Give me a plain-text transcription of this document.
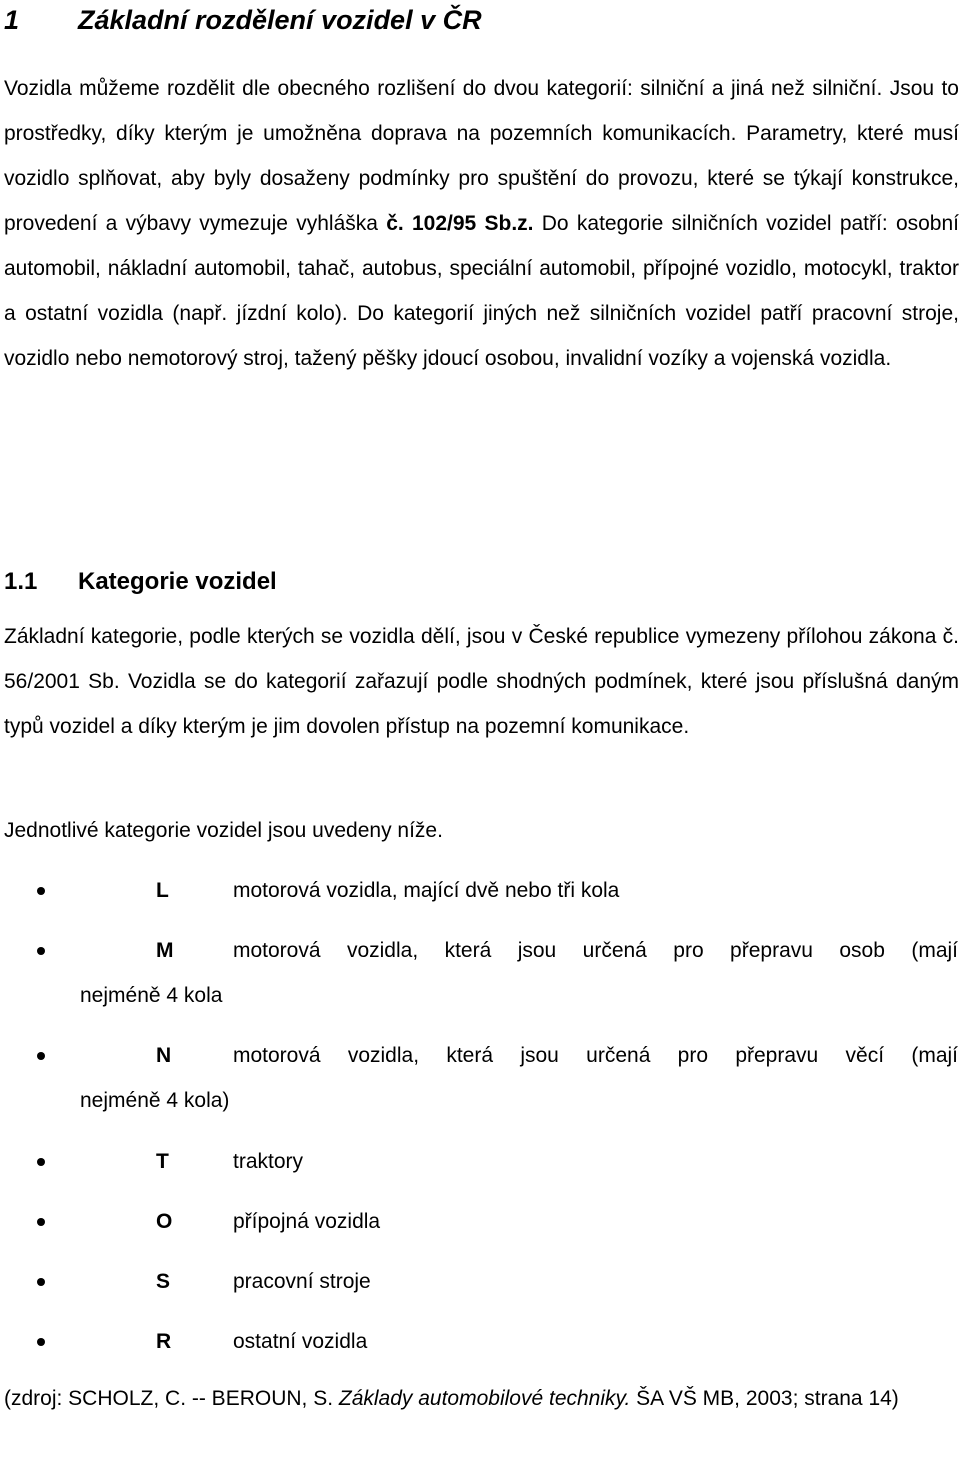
1 Základní rozdělení vozidel v ČR
Vozidla můžeme rozdělit dle obecného rozlišení do dvou kategorií: silniční a jiná než silniční. Jsou to prostředky, díky kterým je umožněna doprava na pozemních komunikacích. Parametry, které musí vozidlo splňovat, aby byly dosaženy podmínky pro spuštění do provozu, které se týkají konstrukce, provedení a výbavy vymezuje vyhláška č. 102/95 Sb.z. Do kategorie silničních vozidel patří: osobní automobil, nákladní automobil, tahač, autobus, speciální automobil, přípojné vozidlo, motocykl, traktor a ostatní vozidla (např. jízdní kolo). Do kategorií jiných než silničních vozidel patří pracovní stroje, vozidlo nebo nemotorový stroj, tažený pěšky jdoucí osobou, invalidní vozíky a vojenská vozidla.
1.1 Kategorie vozidel
Základní kategorie, podle kterých se vozidla dělí, jsou v České republice vymezeny přílohou zákona č. 56/2001 Sb. Vozidla se do kategorií zařazují podle shodných podmínek, které jsou příslušná daným typů vozidel a díky kterým je jim dovolen přístup na pozemní komunikace.
Jednotlivé kategorie vozidel jsou uvedeny níže.
L	motorová vozidla, mající dvě nebo tři kola
M	motorová vozidla, která jsou určená pro přepravu osob (mají
nejméně 4 kola
N	motorová vozidla, která jsou určená pro přepravu věcí (mají
nejméně 4 kola)
T	traktory
O	přípojná vozidla
S	pracovní stroje
R	ostatní vozidla
(zdroj: SCHOLZ, C. -- BEROUN, S. Základy automobilové techniky. ŠA VŠ MB, 2003; strana 14)
